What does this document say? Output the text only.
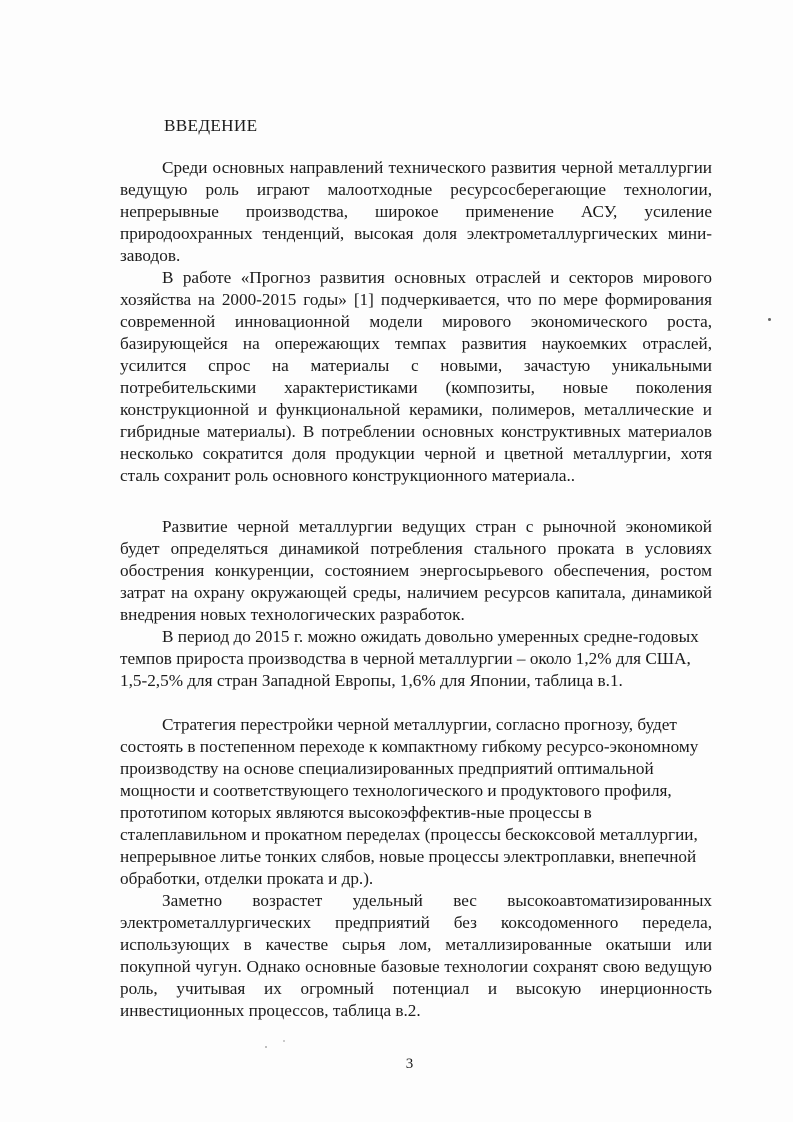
ВВЕДЕНИЕ

Среди основных направлений технического развития черной металлургии ведущую роль играют малоотходные ресурсосберегающие технологии, непрерывные производства, широкое применение АСУ, усиление природоохранных тенденций, высокая доля электрометаллургических мини-заводов.

В работе «Прогноз развития основных отраслей и секторов мирового хозяйства на 2000-2015 годы» [1] подчеркивается, что по мере формирования современной инновационной модели мирового экономического роста, базирующейся на опережающих темпах развития наукоемких отраслей, усилится спрос на материалы с новыми, зачастую уникальными потребительскими характеристиками (композиты, новые поколения конструкционной и функциональной керамики, полимеров, металлические и гибридные материалы). В потреблении основных конструктивных материалов несколько сократится доля продукции черной и цветной металлургии, хотя сталь сохранит роль основного конструкционного материала..

Развитие черной металлургии ведущих стран с рыночной экономикой будет определяться динамикой потребления стального проката в условиях обострения конкуренции, состоянием энергосырьевого обеспечения, ростом затрат на охрану окружающей среды, наличием ресурсов капитала, динамикой внедрения новых технологических разработок.

В период до 2015 г. можно ожидать довольно умеренных средне-годовых темпов прироста производства в черной металлургии – около 1,2% для США, 1,5-2,5% для стран Западной Европы, 1,6% для Японии, таблица в.1.

Стратегия перестройки черной металлургии, согласно прогнозу, будет состоять в постепенном переходе к компактному гибкому ресурсо-экономному производству на основе специализированных предприятий оптимальной мощности и соответствующего технологического и продуктового профиля, прототипом которых являются высокоэффектив-ные процессы в сталеплавильном и прокатном переделах (процессы бескоксовой металлургии, непрерывное литье тонких слябов, новые процессы электроплавки, внепечной обработки, отделки проката и др.).

Заметно возрастет удельный вес высокоавтоматизированных электрометаллургических предприятий без коксодоменного передела, использующих в качестве сырья лом, металлизированные окатыши или покупной чугун. Однако основные базовые технологии сохранят свою ведущую роль, учитывая их огромный потенциал и высокую инерционность инвестиционных процессов, таблица в.2.

3
